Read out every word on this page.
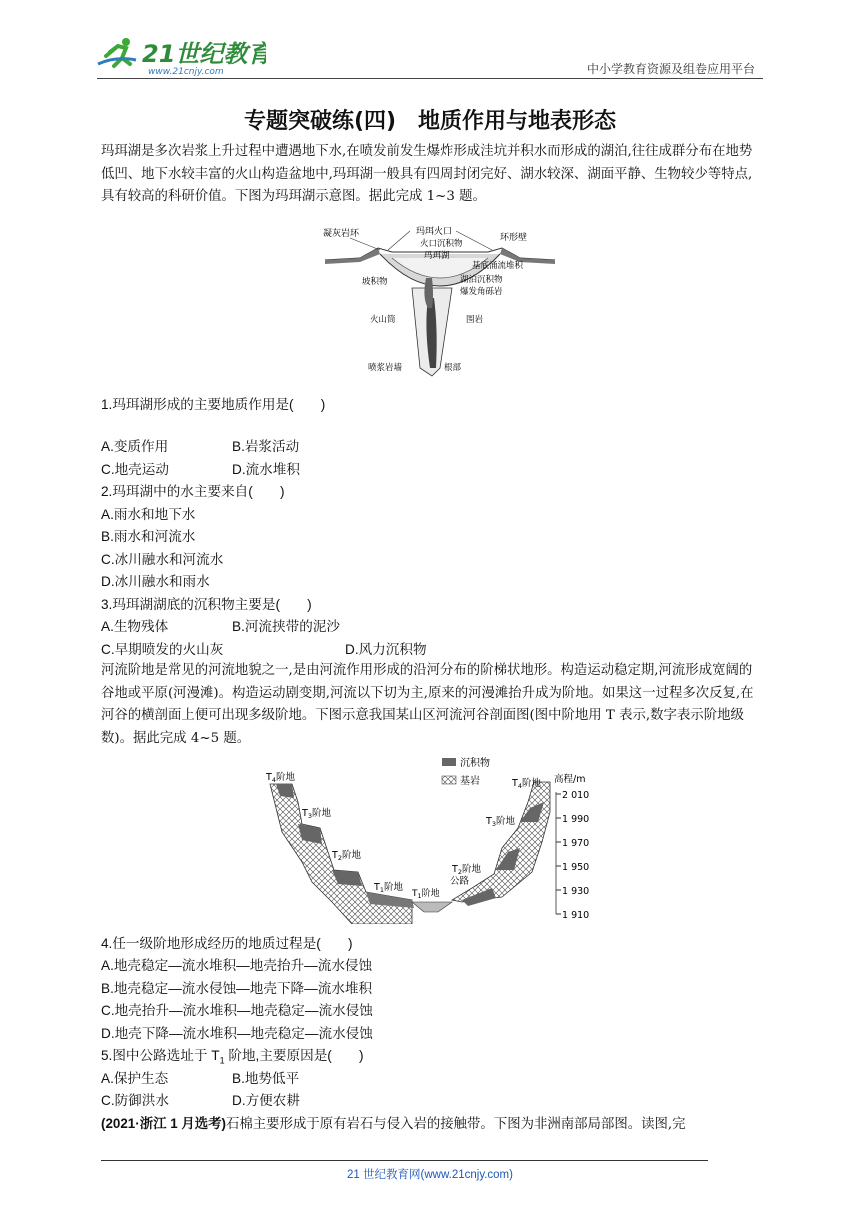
21世纪教育
www.21cnjy.com	中小学教育资源及组卷应用平台
专题突破练(四)　地质作用与地表形态
玛珥湖是多次岩浆上升过程中遭遇地下水,在喷发前发生爆炸形成洼坑并积水而形成的湖泊,往往成群分布在地势低凹、地下水较丰富的火山构造盆地中,玛珥湖一般具有四周封闭完好、湖水较深、湖面平静、生物较少等特点,具有较高的科研价值。下图为玛珥湖示意图。据此完成 1~3 题。
玛珥火口
凝灰岩环	环形壁
火口沉积物
玛珥湖
基底涌流堆积
坡积物	湖泊沉积物
爆发角砾岩
火山筒	围岩
喷浆岩墙	根部
1.玛珥湖形成的主要地质作用是(　　)
A.变质作用	B.岩浆活动
C.地壳运动	D.流水堆积
2.玛珥湖中的水主要来自(　　)
A.雨水和地下水
B.雨水和河流水
C.冰川融水和河流水
D.冰川融水和雨水
3.玛珥湖湖底的沉积物主要是(　　)
A.生物残体	B.河流挟带的泥沙
C.早期喷发的火山灰	D.风力沉积物
河流阶地是常见的河流地貌之一,是由河流作用形成的沿河分布的阶梯状地形。构造运动稳定期,河流形成宽阔的谷地或平原(河漫滩)。构造运动剧变期,河流以下切为主,原来的河漫滩抬升成为阶地。如果这一过程多次反复,在河谷的横剖面上便可出现多级阶地。下图示意我国某山区河流河谷剖面图(图中阶地用 T 表示,数字表示阶地级数)。据此完成 4~5 题。
沉积物
基岩
$T_4$阶地
$T_3$阶地
$T_2$阶地
$T_1$阶地
$T_1$阶地
公路
$T_2$阶地
$T_3$阶地
$T_4$阶地 高程/m
2 010
1 990
1 970
1 950
1 930
1 910
4.任一级阶地形成经历的地质过程是(　　)
A.地壳稳定—流水堆积—地壳抬升—流水侵蚀
B.地壳稳定—流水侵蚀—地壳下降—流水堆积
C.地壳抬升—流水堆积—地壳稳定—流水侵蚀
D.地壳下降—流水堆积—地壳稳定—流水侵蚀
5.图中公路选址于 $T_1$ 阶地,主要原因是(　　)
A.保护生态	B.地势低平
C.防御洪水	D.方便农耕
(2021·浙江 1 月选考)石棉主要形成于原有岩石与侵入岩的接触带。下图为非洲南部局部图。读图,完
21 世纪教育网(www.21cnjy.com)
